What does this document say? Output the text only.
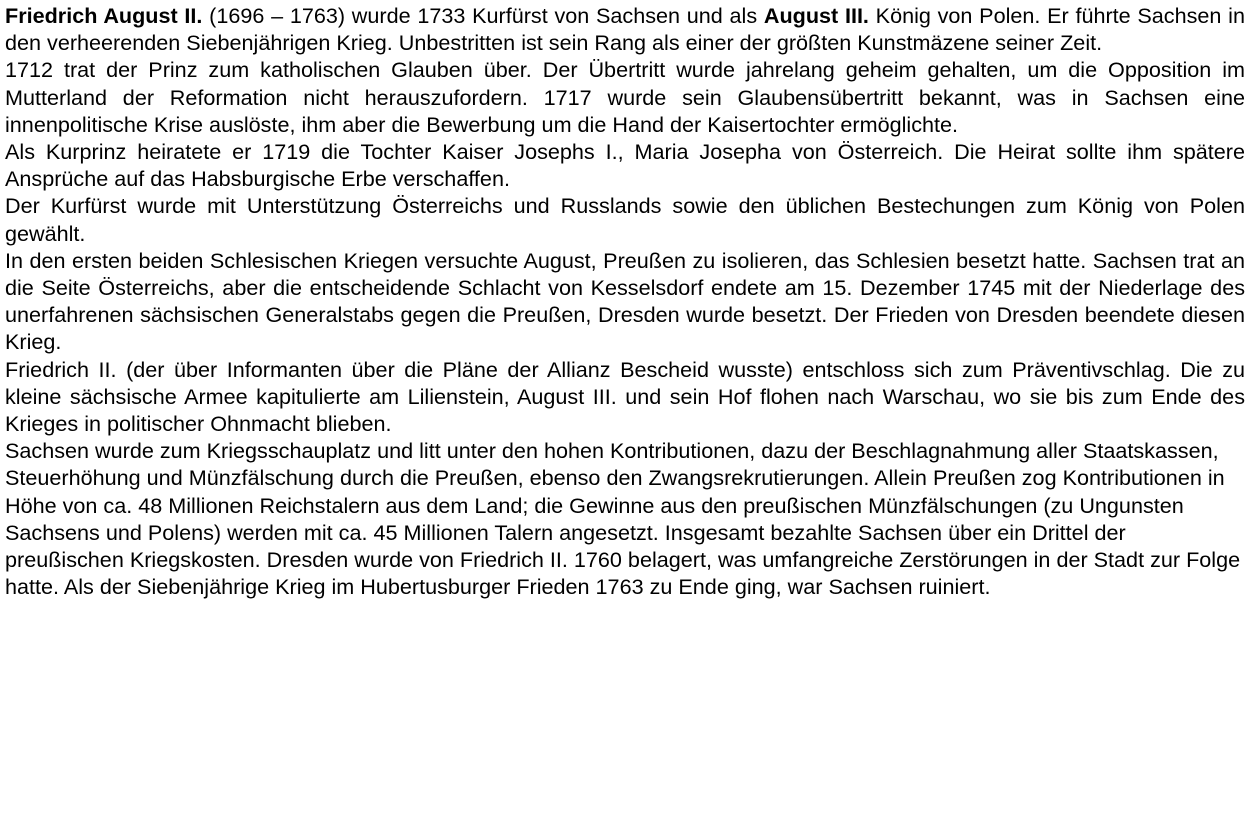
Friedrich August II. (1696 – 1763) wurde 1733 Kurfürst von Sachsen und als August III. König von Polen. Er führte Sachsen in den verheerenden Siebenjährigen Krieg. Unbestritten ist sein Rang als einer der größten Kunstmäzene seiner Zeit.

1712 trat der Prinz zum katholischen Glauben über. Der Übertritt wurde jahrelang geheim gehalten, um die Opposition im Mutterland der Reformation nicht herauszufordern. 1717 wurde sein Glaubensübertritt bekannt, was in Sachsen eine innenpolitische Krise auslöste, ihm aber die Bewerbung um die Hand der Kaisertochter ermöglichte.

Als Kurprinz heiratete er 1719 die Tochter Kaiser Josephs I., Maria Josepha von Österreich. Die Heirat sollte ihm spätere Ansprüche auf das Habsburgische Erbe verschaffen.

Der Kurfürst wurde mit Unterstützung Österreichs und Russlands sowie den üblichen Bestechungen zum König von Polen gewählt.

In den ersten beiden Schlesischen Kriegen versuchte August, Preußen zu isolieren, das Schlesien besetzt hatte. Sachsen trat an die Seite Österreichs, aber die entscheidende Schlacht von Kesselsdorf endete am 15. Dezember 1745 mit der Niederlage des unerfahrenen sächsischen Generalstabs gegen die Preußen, Dresden wurde besetzt. Der Frieden von Dresden beendete diesen Krieg.

Friedrich II. (der über Informanten über die Pläne der Allianz Bescheid wusste) entschloss sich zum Präventivschlag. Die zu kleine sächsische Armee kapitulierte am Lilienstein, August III. und sein Hof flohen nach Warschau, wo sie bis zum Ende des Krieges in politischer Ohnmacht blieben.

Sachsen wurde zum Kriegsschauplatz und litt unter den hohen Kontributionen, dazu der Beschlagnahmung aller Staatskassen, Steuerhöhung und Münzfälschung durch die Preußen, ebenso den Zwangsrekrutierungen. Allein Preußen zog Kontributionen in Höhe von ca. 48 Millionen Reichstalern aus dem Land; die Gewinne aus den preußischen Münzfälschungen (zu Ungunsten Sachsens und Polens) werden mit ca. 45 Millionen Talern angesetzt. Insgesamt bezahlte Sachsen über ein Drittel der preußischen Kriegskosten. Dresden wurde von Friedrich II. 1760 belagert, was umfangreiche Zerstörungen in der Stadt zur Folge hatte. Als der Siebenjährige Krieg im Hubertusburger Frieden 1763 zu Ende ging, war Sachsen ruiniert.
